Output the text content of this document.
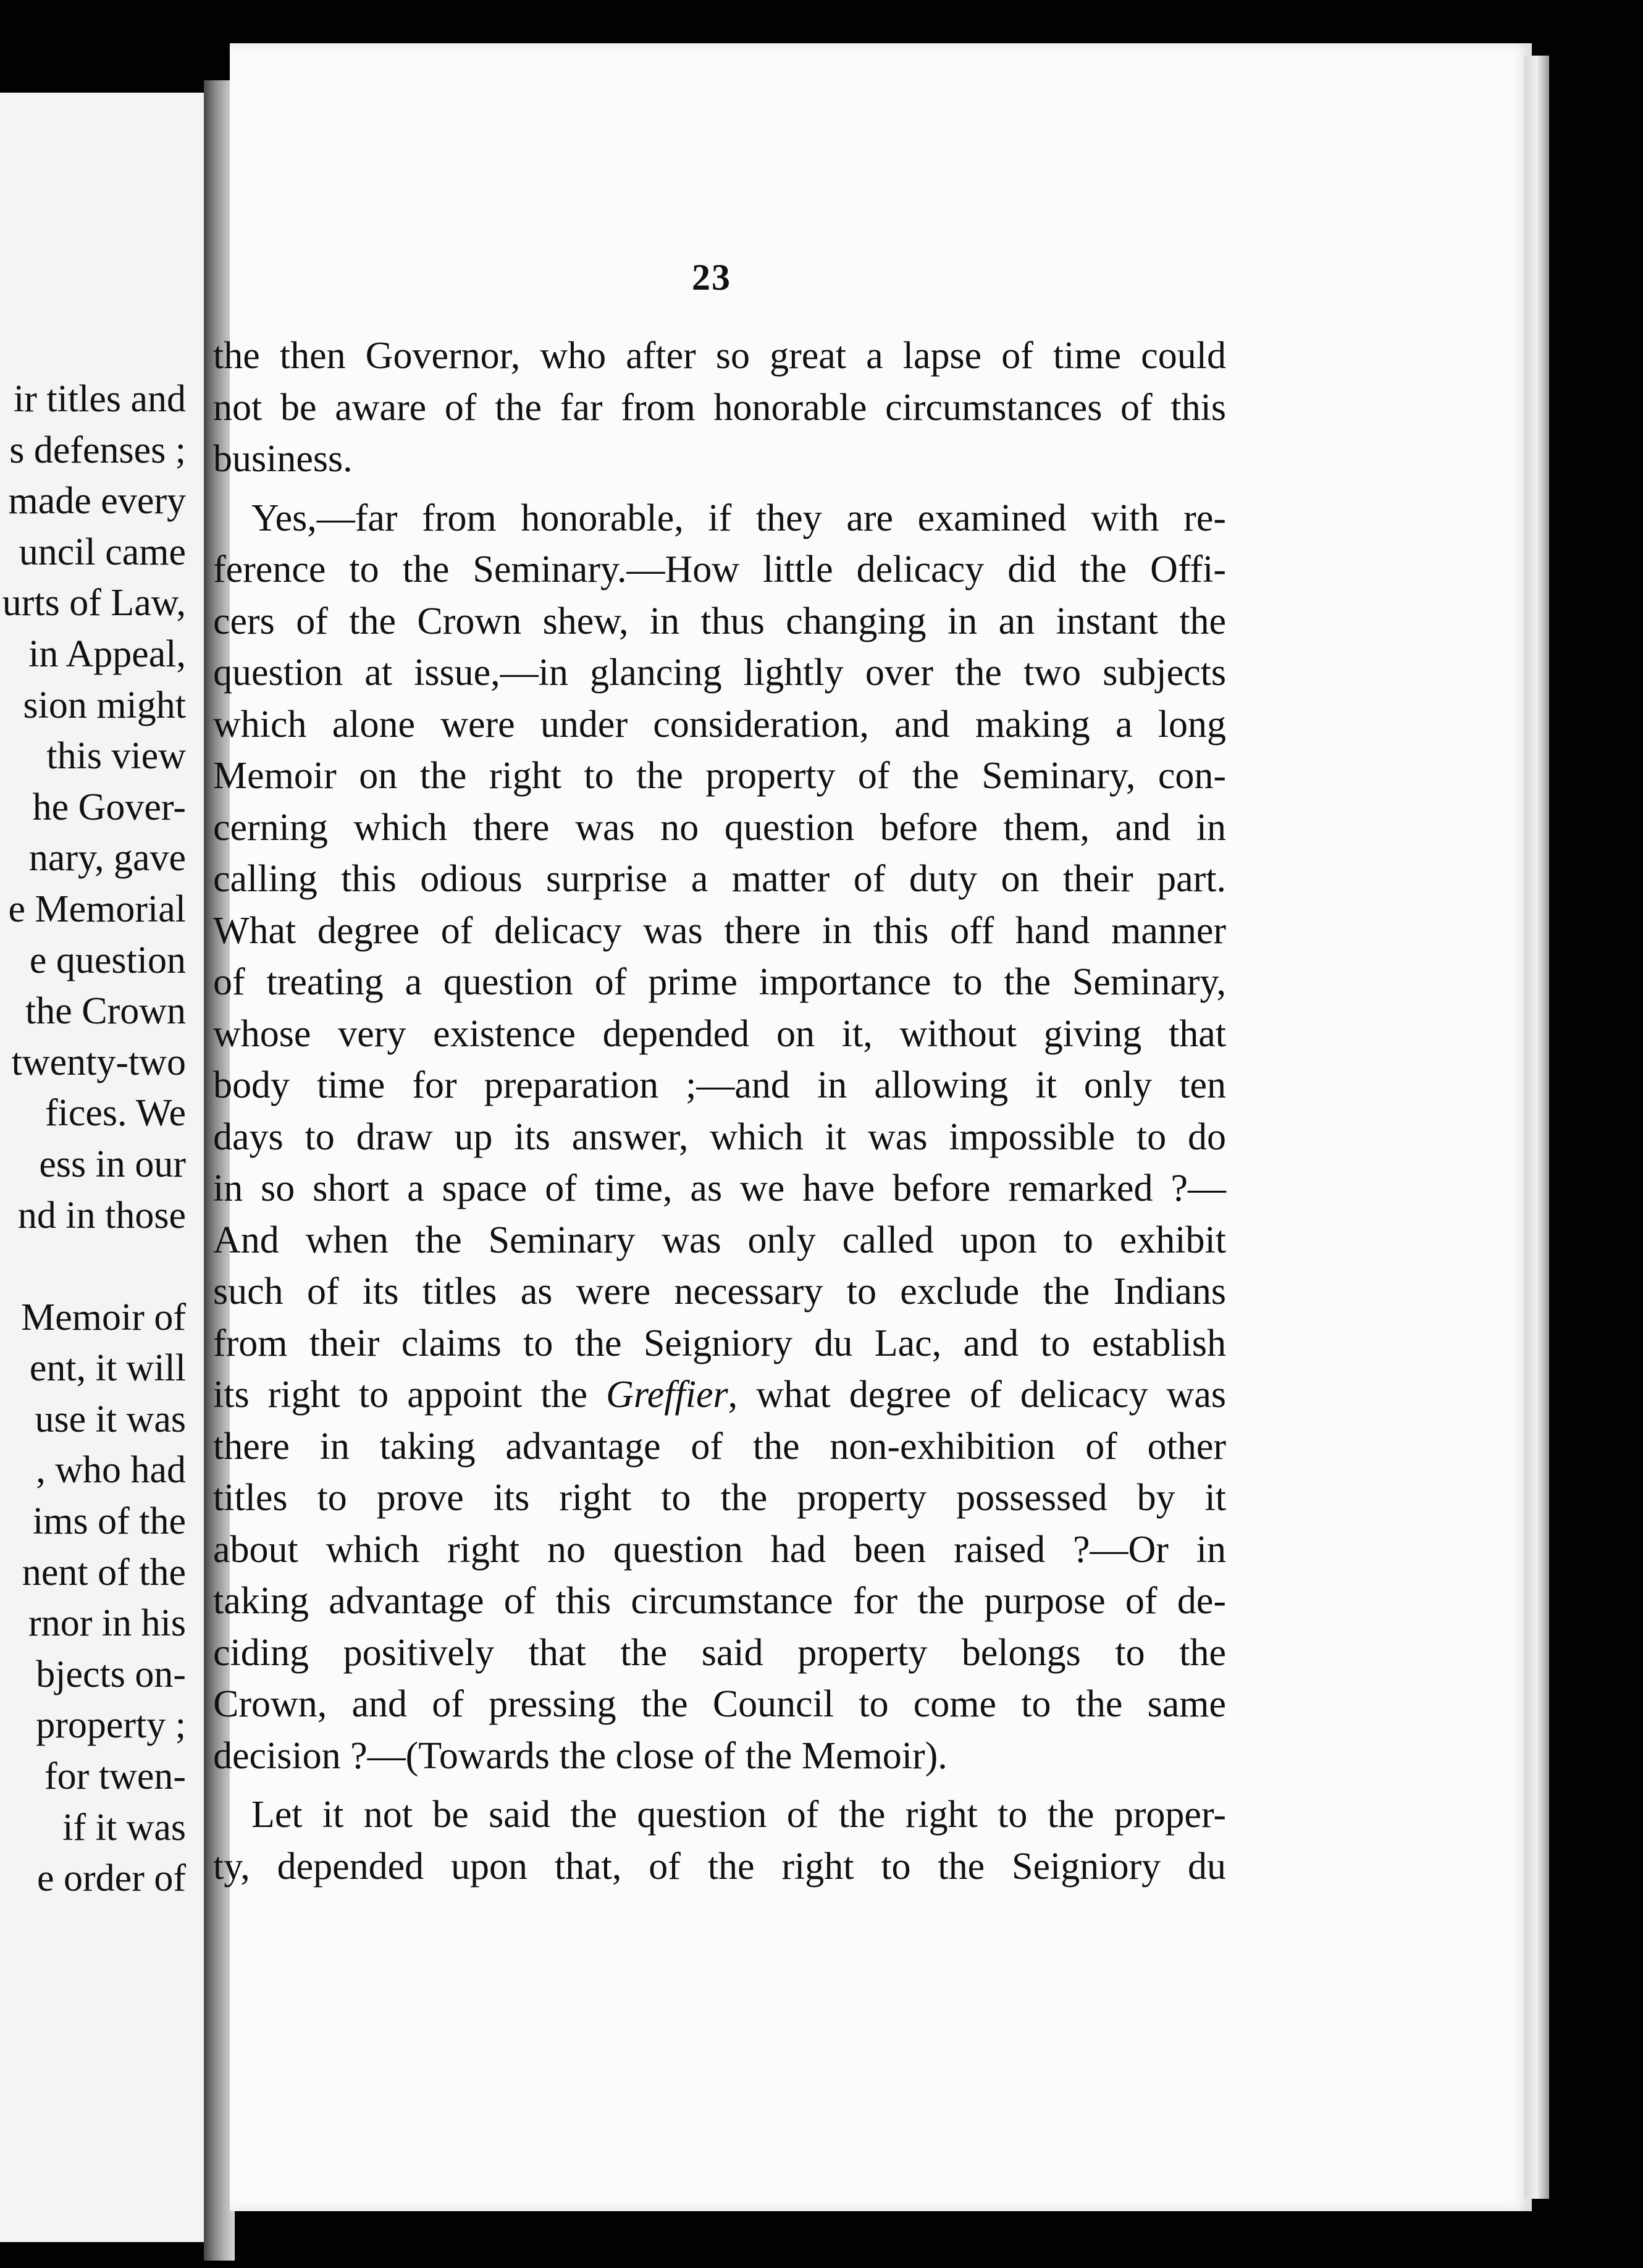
ir titles and
s defenses ;
made every
uncil came
urts of Law,
in Appeal,
sion might
this view
he Gover-
nary, gave
e Memorial
e question
the Crown
twenty-two
fices. We
ess in our
nd in those
Memoir of
ent, it will
use it was
, who had
ims of the
nent of the
rnor in his
bjects on-
property ;
for twen-
if it was
e order of
23
the then Governor, who after so great a lapse of time could
not be aware of the far from honorable circumstances of this
business.
Yes,—far from honorable, if they are examined with re-
ference to the Seminary.—How little delicacy did the Offi-
cers of the Crown shew, in thus changing in an instant the
question at issue,—in glancing lightly over the two subjects
which alone were under consideration, and making a long
Memoir on the right to the property of the Seminary, con-
cerning which there was no question before them, and in
calling this odious surprise a matter of duty on their part.
What degree of delicacy was there in this off hand manner
of treating a question of prime importance to the Seminary,
whose very existence depended on it, without giving that
body time for preparation ;—and in allowing it only ten
days to draw up its answer, which it was impossible to do
in so short a space of time, as we have before remarked ?—
And when the Seminary was only called upon to exhibit
such of its titles as were necessary to exclude the Indians
from their claims to the Seigniory du Lac, and to establish
its right to appoint the Greffier, what degree of delicacy was
there in taking advantage of the non-exhibition of other
titles to prove its right to the property possessed by it
about which right no question had been raised ?—Or in
taking advantage of this circumstance for the purpose of de-
ciding positively that the said property belongs to the
Crown, and of pressing the Council to come to the same
decision ?—(Towards the close of the Memoir).
Let it not be said the question of the right to the proper-
ty, depended upon that, of the right to the Seigniory du
